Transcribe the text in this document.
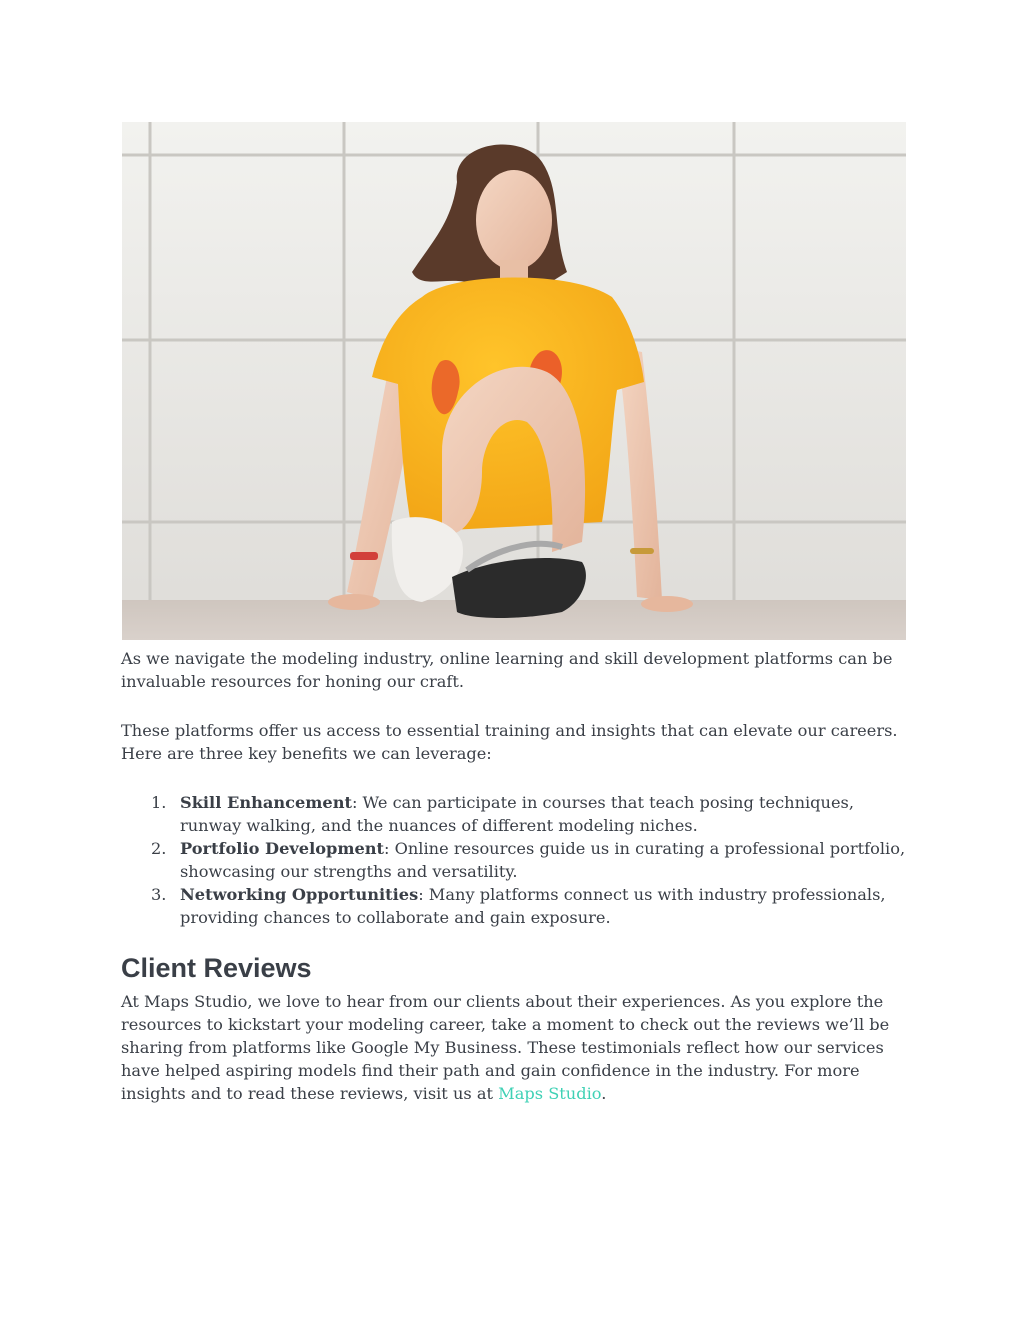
As we navigate the modeling industry, online learning and skill development platforms can be invaluable resources for honing our craft.

These platforms offer us access to essential training and insights that can elevate our careers. Here are three key benefits we can leverage:

1. Skill Enhancement: We can participate in courses that teach posing techniques, runway walking, and the nuances of different modeling niches.
2. Portfolio Development: Online resources guide us in curating a professional portfolio, showcasing our strengths and versatility.
3. Networking Opportunities: Many platforms connect us with industry professionals, providing chances to collaborate and gain exposure.
Client Reviews

At Maps Studio, we love to hear from our clients about their experiences. As you explore the resources to kickstart your modeling career, take a moment to check out the reviews we’ll be sharing from platforms like Google My Business. These testimonials reflect how our services have helped aspiring models find their path and gain confidence in the industry. For more insights and to read these reviews, visit us at Maps Studio.
